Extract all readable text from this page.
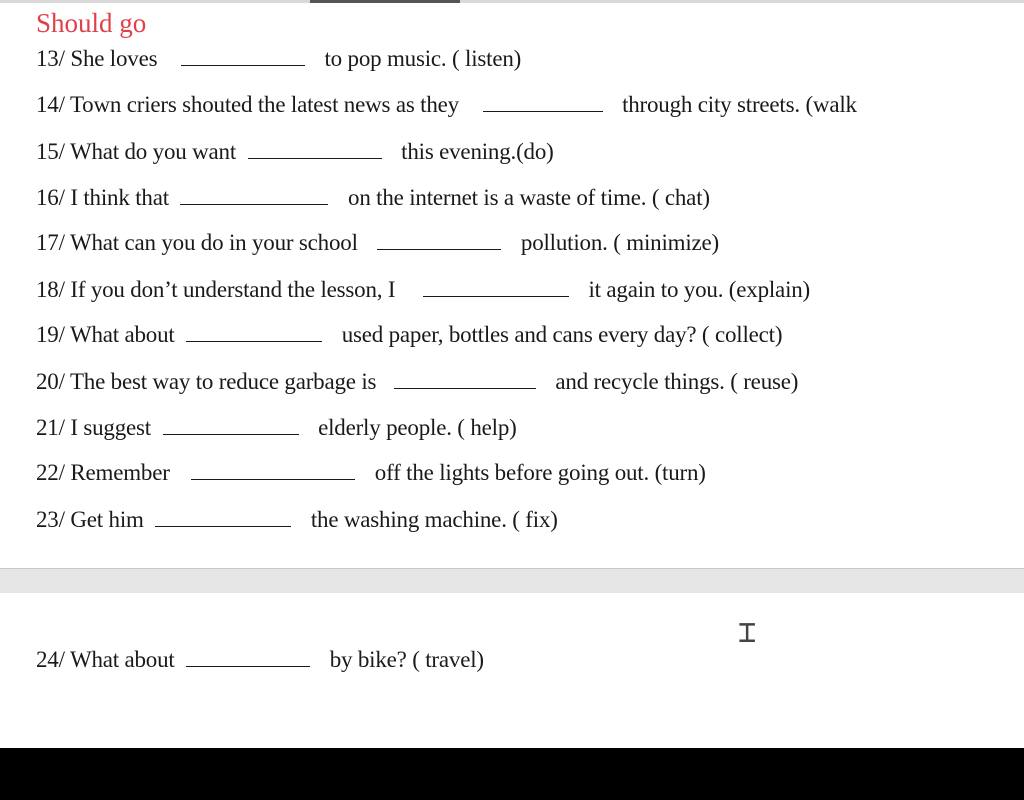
Should go
13/ She loves	to pop music. ( listen)
14/ Town criers shouted the latest news as they	through city streets. (walk
15/ What do you want	this evening.(do)
16/ I think that	on the internet is a waste of time. ( chat)
17/ What can you do in your school	pollution. ( minimize)
18/ If you don’t understand the lesson, I	it again to you. (explain)
19/ What about	used paper, bottles and cans every day? ( collect)
20/ The best way to reduce garbage is	and recycle things. ( reuse)
21/ I suggest	elderly people. ( help)
22/ Remember	off the lights before going out. (turn)
23/ Get him	the washing machine. ( fix)
24/ What about	by bike? ( travel)
⌶
